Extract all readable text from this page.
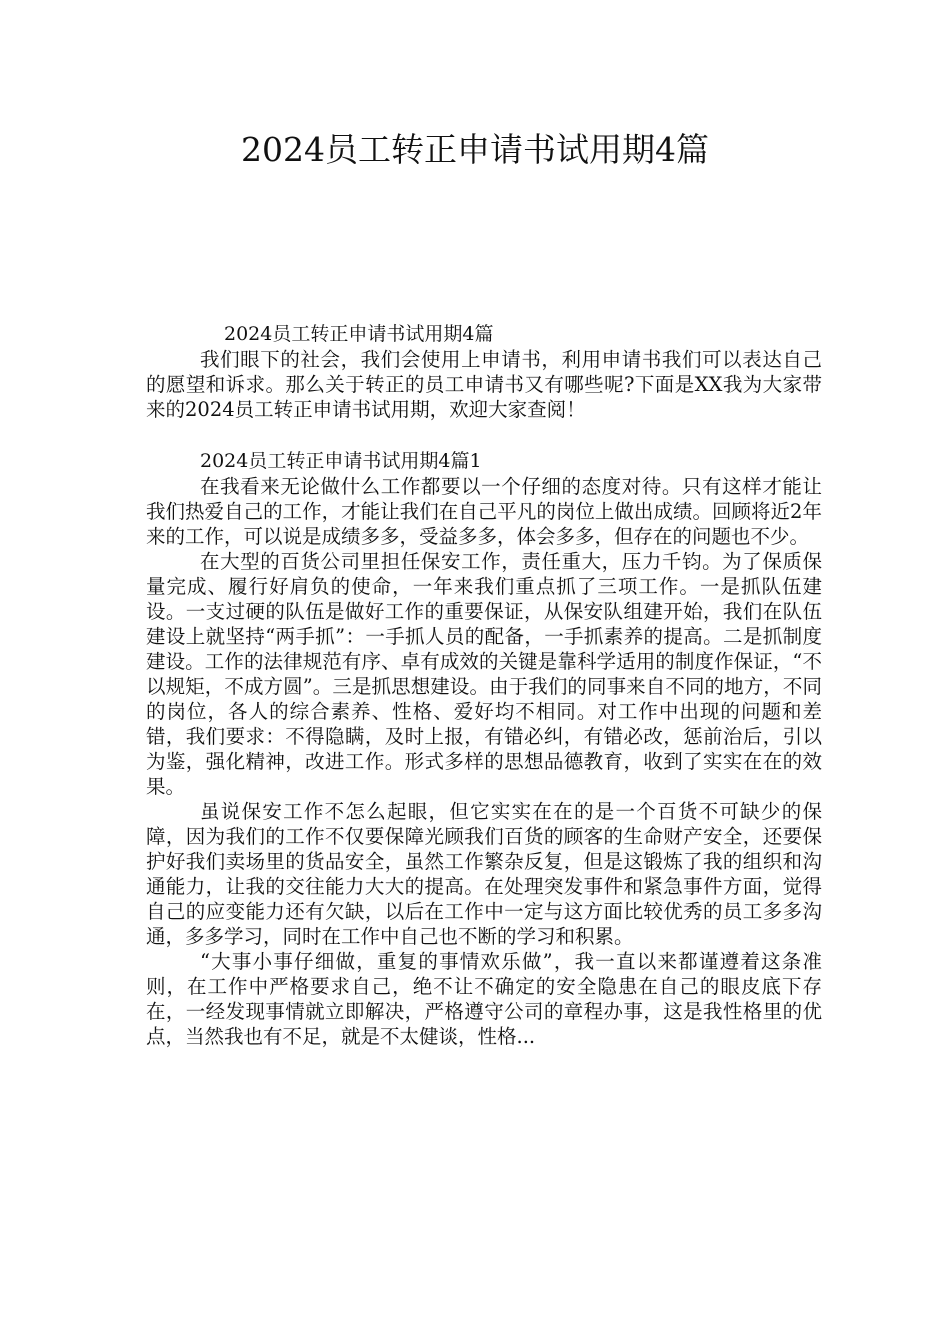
2024员工转正申请书试用期4篇
2024员工转正申请书试用期4篇

我们眼下的社会，我们会使用上申请书，利用申请书我们可以表达自己的愿望和诉求。那么关于转正的员工申请书又有哪些呢?下面是XX我为大家带来的2024员工转正申请书试用期，欢迎大家查阅！

2024员工转正申请书试用期4篇1

在我看来无论做什么工作都要以一个仔细的态度对待。只有这样才能让我们热爱自己的工作，才能让我们在自己平凡的岗位上做出成绩。回顾将近2年来的工作，可以说是成绩多多，受益多多，体会多多，但存在的问题也不少。

在大型的百货公司里担任保安工作，责任重大，压力千钧。为了保质保量完成、履行好肩负的使命，一年来我们重点抓了三项工作。一是抓队伍建设。一支过硬的队伍是做好工作的重要保证，从保安队组建开始，我们在队伍建设上就坚持“两手抓”：一手抓人员的配备，一手抓素养的提高。二是抓制度建设。工作的法律规范有序、卓有成效的关键是靠科学适用的制度作保证，“不以规矩，不成方圆”。三是抓思想建设。由于我们的同事来自不同的地方，不同的岗位，各人的综合素养、性格、爱好均不相同。对工作中出现的问题和差错，我们要求：不得隐瞒，及时上报，有错必纠，有错必改，惩前治后，引以为鉴，强化精神，改进工作。形式多样的思想品德教育，收到了实实在在的效果。

虽说保安工作不怎么起眼，但它实实在在的是一个百货不可缺少的保障，因为我们的工作不仅要保障光顾我们百货的顾客的生命财产安全，还要保护好我们卖场里的货品安全，虽然工作繁杂反复，但是这锻炼了我的组织和沟通能力，让我的交往能力大大的提高。在处理突发事件和紧急事件方面，觉得自己的应变能力还有欠缺，以后在工作中一定与这方面比较优秀的员工多多沟通，多多学习，同时在工作中自己也不断的学习和积累。

“大事小事仔细做，重复的事情欢乐做”，我一直以来都谨遵着这条准则，在工作中严格要求自己，绝不让不确定的安全隐患在自己的眼皮底下存在，一经发现事情就立即解决，严格遵守公司的章程办事，这是我性格里的优点，当然我也有不足，就是不太健谈，性格...
